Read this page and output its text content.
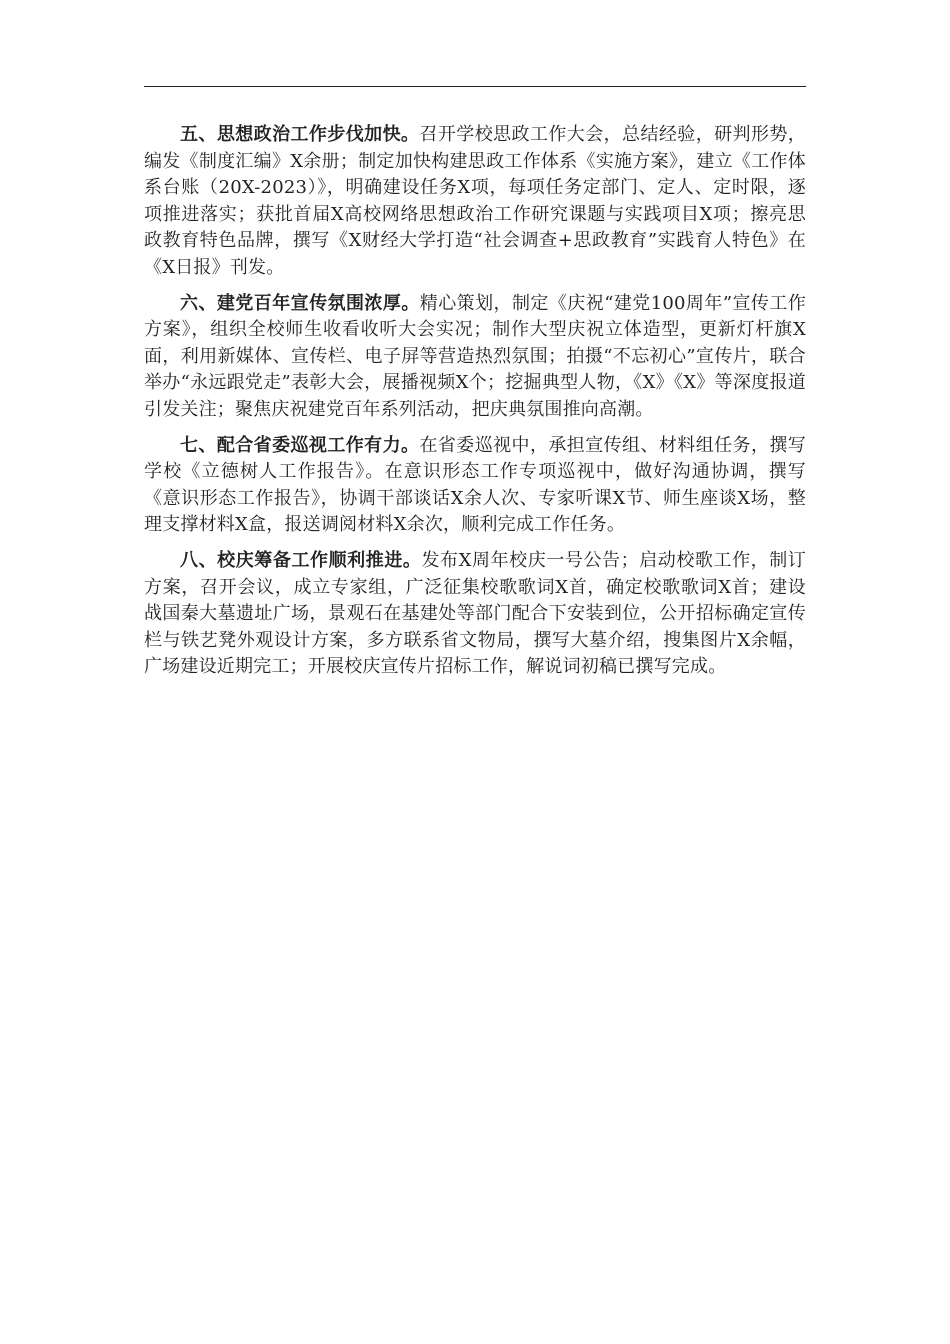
五、思想政治工作步伐加快。召开学校思政工作大会，总结经验，研判形势，编发《制度汇编》X余册；制定加快构建思政工作体系《实施方案》，建立《工作体系台账（20X-2023）》，明确建设任务X项，每项任务定部门、定人、定时限，逐项推进落实；获批首届X高校网络思想政治工作研究课题与实践项目X项；擦亮思政教育特色品牌，撰写《X财经大学打造“社会调查+思政教育”实践育人特色》在《X日报》刊发。

六、建党百年宣传氛围浓厚。精心策划，制定《庆祝“建党100周年”宣传工作方案》，组织全校师生收看收听大会实况；制作大型庆祝立体造型，更新灯杆旗X面，利用新媒体、宣传栏、电子屏等营造热烈氛围；拍摄“不忘初心”宣传片，联合举办“永远跟党走”表彰大会，展播视频X个；挖掘典型人物，《X》《X》等深度报道引发关注；聚焦庆祝建党百年系列活动，把庆典氛围推向高潮。

七、配合省委巡视工作有力。在省委巡视中，承担宣传组、材料组任务，撰写学校《立德树人工作报告》。在意识形态工作专项巡视中，做好沟通协调，撰写《意识形态工作报告》，协调干部谈话X余人次、专家听课X节、师生座谈X场，整理支撑材料X盒，报送调阅材料X余次，顺利完成工作任务。

八、校庆筹备工作顺利推进。发布X周年校庆一号公告；启动校歌工作，制订方案，召开会议，成立专家组，广泛征集校歌歌词X首，确定校歌歌词X首；建设战国秦大墓遗址广场，景观石在基建处等部门配合下安装到位，公开招标确定宣传栏与铁艺凳外观设计方案，多方联系省文物局，撰写大墓介绍，搜集图片X余幅，广场建设近期完工；开展校庆宣传片招标工作，解说词初稿已撰写完成。
